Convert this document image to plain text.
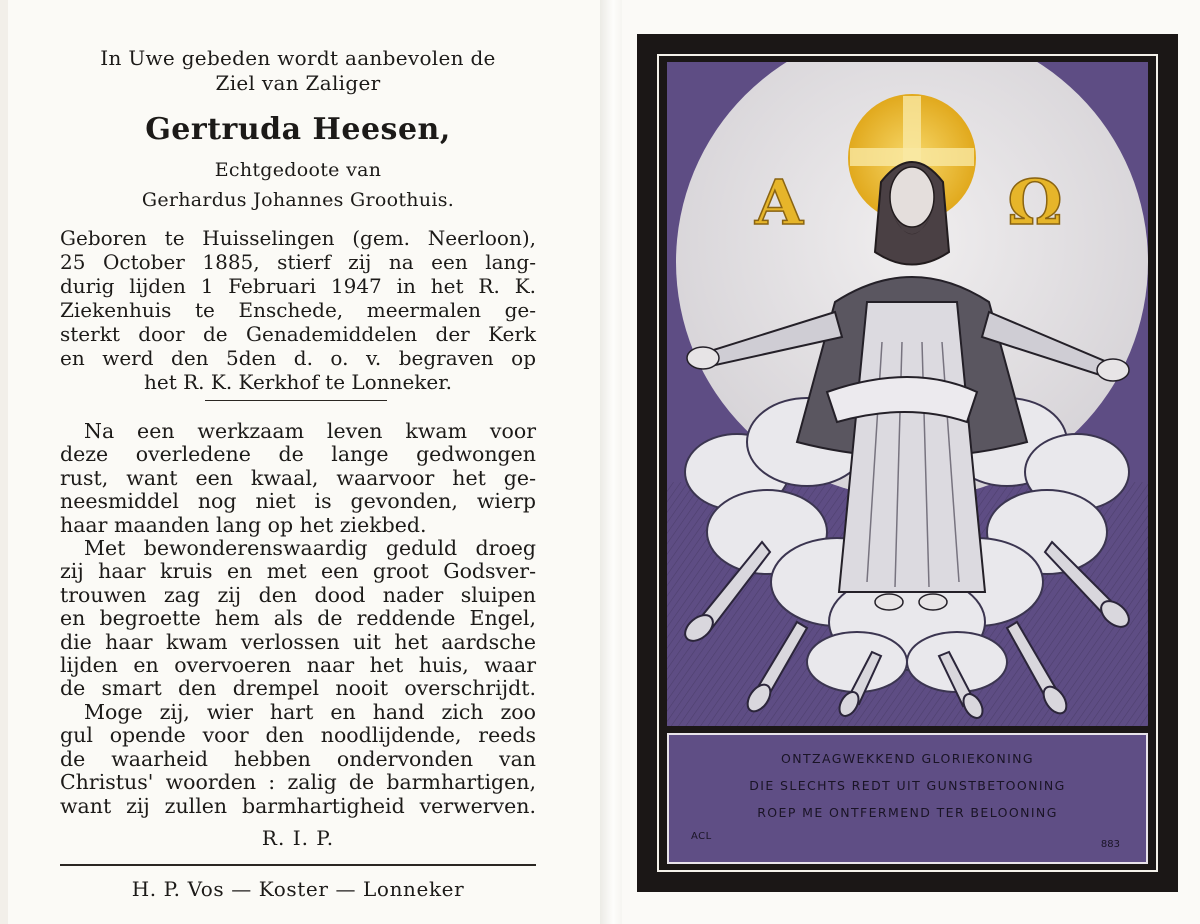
In Uwe gebeden wordt aanbevolen de
Ziel van Zaliger
Gertruda Heesen,
Echtgedoote van
Gerhardus Johannes Groothuis.
Geboren te Huisselingen (gem. Neerloon),
25 October 1885, stierf zij na een lang-
durig lijden 1 Februari 1947 in het R. K.
Ziekenhuis te Enschede, meermalen ge-
sterkt door de Genademiddelen der Kerk
en werd den 5den d. o. v. begraven op
het R. K. Kerkhof te Lonneker.
Na een werkzaam leven kwam voor
deze overledene de lange gedwongen
rust, want een kwaal, waarvoor het ge-
neesmiddel nog niet is gevonden, wierp
haar maanden lang op het ziekbed.
Met bewonderenswaardig geduld droeg
zij haar kruis en met een groot Godsver-
trouwen zag zij den dood nader sluipen
en begroette hem als de reddende Engel,
die haar kwam verlossen uit het aardsche
lijden en overvoeren naar het huis, waar
de smart den drempel nooit overschrijdt.
Moge zij, wier hart en hand zich zoo
gul opende voor den noodlijdende, reeds
de waarheid hebben ondervonden van
Christus' woorden : zalig de barmhartigen,
want zij zullen barmhartigheid verwerven.
R. I. P.
H. P. Vos — Koster — Lonneker
A	Ω
ONTZAGWEKKEND GLORIEKONING
DIE SLECHTS REDT UIT GUNSTBETOONING
ROEP ME ONTFERMEND TER BELOONING
ACL
883
